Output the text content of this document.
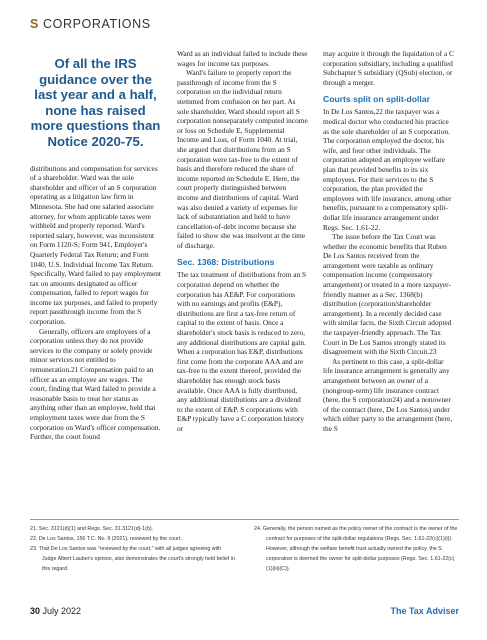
S CORPORATIONS
Of all the IRS guidance over the last year and a half, none has raised more questions than Notice 2020-75.

distributions and compensation for services of a shareholder. Ward was the sole shareholder and officer of an S corporation operating as a litigation law firm in Minnesota. She had one salaried associate attorney, for whom applicable taxes were withheld and properly reported. Ward's reported salary, however, was inconsistent on Form 1120-S; Form 941, Employer's Quarterly Federal Tax Return; and Form 1040, U.S. Individual Income Tax Return. Specifically, Ward failed to pay employment tax on amounts designated as officer compensation, failed to report wages for income tax purposes, and failed to properly report passthrough income from the S corporation.

Generally, officers are employees of a corporation unless they do not provide services to the company or solely provide minor services not entitled to remuneration.21 Compensation paid to an officer as an employee are wages. The court, finding that Ward failed to provide a reasonable basis to treat her status as anything other than an employee, held that employment taxes were due from the S corporation on Ward's officer compensation. Further, the court found

Ward as an individual failed to include these wages for income tax purposes.

Ward's failure to properly report the passthrough of income from the S corporation on the individual return stemmed from confusion on her part. As sole shareholder, Ward should report all S corporation nonseparately computed income or loss on Schedule E, Supplemental Income and Loss, of Form 1040. At trial, she argued that distributions from an S corporation were tax-free to the extent of basis and therefore reduced the share of income reported on Schedule E. Here, the court properly distinguished between income and distributions of capital. Ward was also denied a variety of expenses for lack of substantiation and held to have cancellation-of-debt income because she failed to show she was insolvent at the time of discharge.

Sec. 1368: Distributions

The tax treatment of distributions from an S corporation depend on whether the corporation has AE&P. For corporations with no earnings and profits (E&P), distributions are first a tax-free return of capital to the extent of basis. Once a shareholder's stock basis is reduced to zero, any additional distributions are capital gain. When a corporation has E&P, distributions first come from the corporate AAA and are tax-free to the extent thereof, provided the shareholder has enough stock basis available. Once AAA is fully distributed, any additional distributions are a dividend to the extent of E&P. S corporations with E&P typically have a C corporation history or

may acquire it through the liquidation of a C corporation subsidiary, including a qualified Subchapter S subsidiary (QSub) election, or through a merger.

Courts split on split-dollar

In De Los Santos,22 the taxpayer was a medical doctor who conducted his practice as the sole shareholder of an S corporation. The corporation employed the doctor, his wife, and four other individuals. The corporation adopted an employee welfare plan that provided benefits to its six employees. For their services to the S corporation, the plan provided the employees with life insurance, among other benefits, pursuant to a compensatory split-dollar life insurance arrangement under Regs. Sec. 1.61-22.

The issue before the Tax Court was whether the economic benefits that Ruben De Los Santos received from the arrangement were taxable as ordinary compensation income (compensatory arrangement) or treated in a more taxpayer-friendly manner as a Sec. 1368(b) distribution (corporation/shareholder arrangement). In a recently decided case with similar facts, the Sixth Circuit adopted the taxpayer-friendly approach. The Tax Court in De Los Santos strongly stated its disagreement with the Sixth Circuit.23

As pertinent to this case, a split-dollar life insurance arrangement is generally any arrangement between an owner of a (nongroup-term) life insurance contract (here, the S corporation24) and a nonowner of the contract (here, De Los Santos) under which either party to the arrangement (here, the S

21. Sec. 3121(d)(1) and Regs. Sec. 31.3121(d)-1(b).

22. De Los Santos, 156 T.C. No. 9 (2021), reviewed by the court.

23. That De Los Santos was "reviewed by the court," with all judges agreeing with Judge Albert Lauber's opinion, also demonstrates the court's strongly held belief in this regard.

24. Generally, the person named as the policy owner of the contract is the owner of the contract for purposes of the split-dollar regulations (Regs. Sec. 1.61-22(c)(1)(i)). However, although the welfare benefit trust actually owned the policy, the S corporation is deemed the owner for split-dollar purposes (Regs. Sec. 1.61-22(c)(1)(iii)(C)).

30 July 2022	The Tax Adviser
